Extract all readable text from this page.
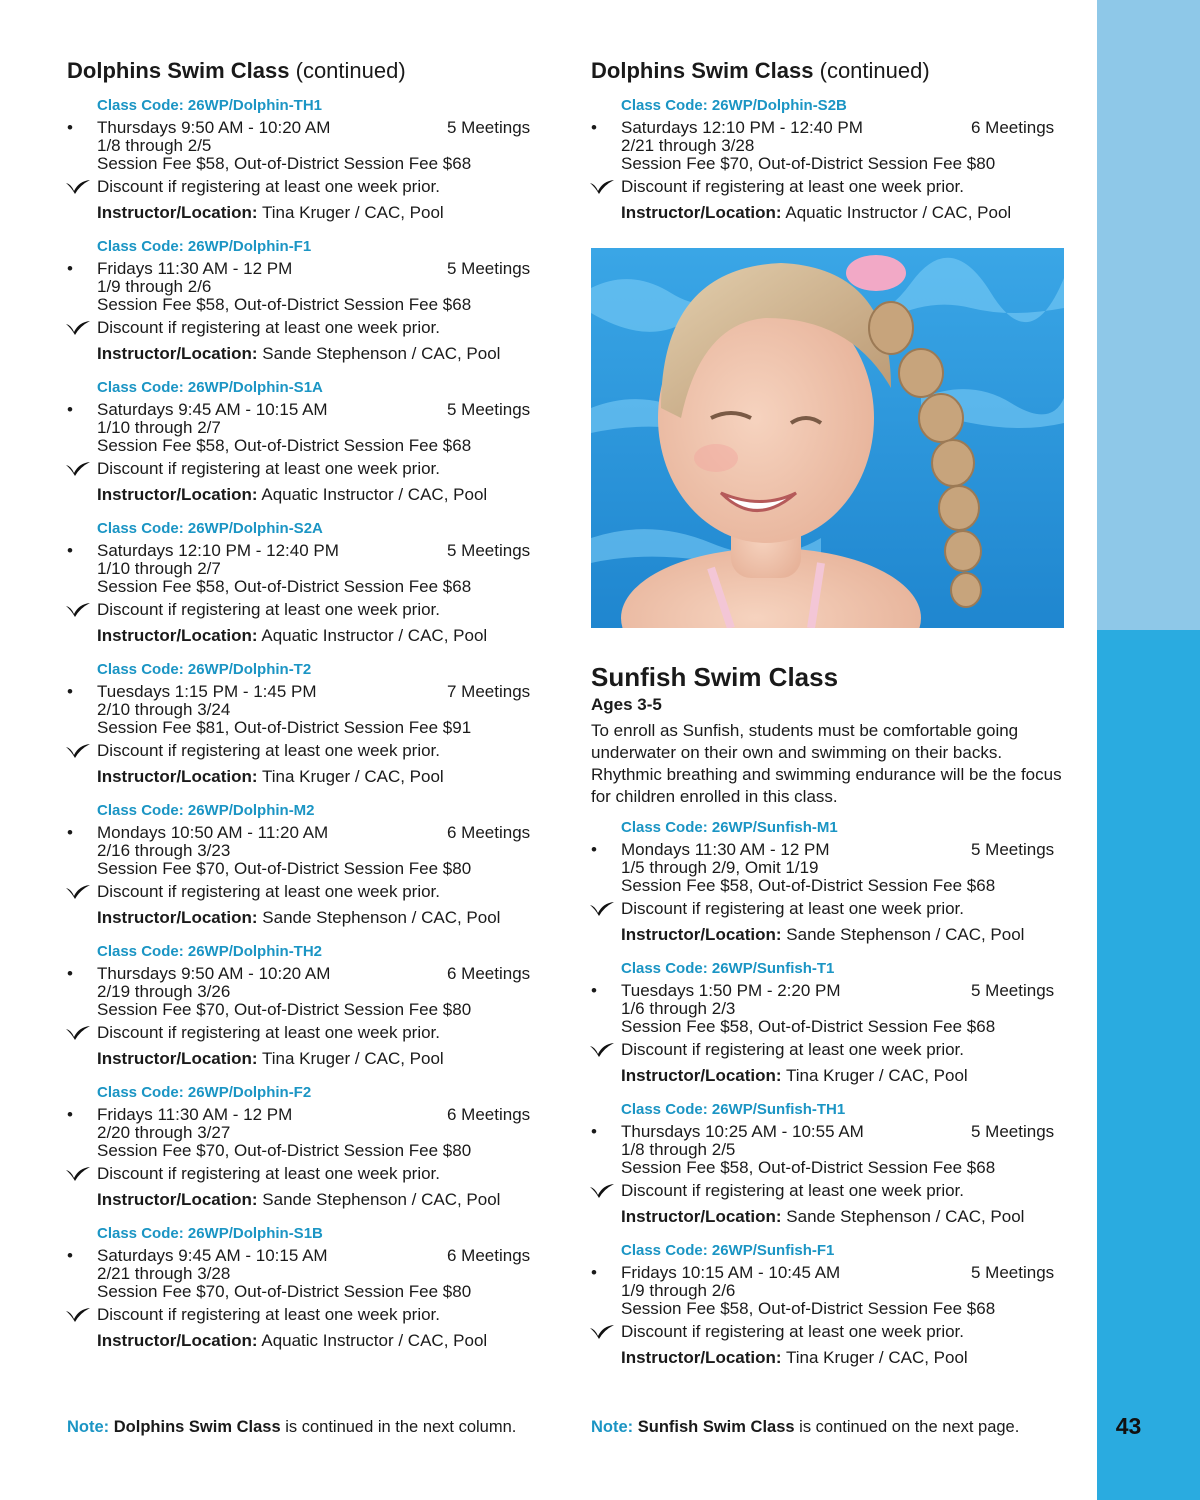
43
Dolphins Swim Class (continued)
Class Code: 26WP/Dolphin-TH1
•	Thursdays 9:50 AM - 10:20 AM	5 Meetings
1/8 through 2/5
Session Fee $58, Out-of-District Session Fee $68
Discount if registering at least one week prior.
Instructor/Location: Tina Kruger / CAC, Pool
Class Code: 26WP/Dolphin-F1
•	Fridays 11:30 AM - 12 PM	5 Meetings
1/9 through 2/6
Session Fee $58, Out-of-District Session Fee $68
Discount if registering at least one week prior.
Instructor/Location: Sande Stephenson / CAC, Pool
Class Code: 26WP/Dolphin-S1A
•	Saturdays 9:45 AM - 10:15 AM	5 Meetings
1/10 through 2/7
Session Fee $58, Out-of-District Session Fee $68
Discount if registering at least one week prior.
Instructor/Location: Aquatic Instructor / CAC, Pool
Class Code: 26WP/Dolphin-S2A
•	Saturdays 12:10 PM - 12:40 PM	5 Meetings
1/10 through 2/7
Session Fee $58, Out-of-District Session Fee $68
Discount if registering at least one week prior.
Instructor/Location: Aquatic Instructor / CAC, Pool
Class Code: 26WP/Dolphin-T2
•	Tuesdays 1:15 PM - 1:45 PM	7 Meetings
2/10 through 3/24
Session Fee $81, Out-of-District Session Fee $91
Discount if registering at least one week prior.
Instructor/Location: Tina Kruger / CAC, Pool
Class Code: 26WP/Dolphin-M2
•	Mondays 10:50 AM - 11:20 AM	6 Meetings
2/16 through 3/23
Session Fee $70, Out-of-District Session Fee $80
Discount if registering at least one week prior.
Instructor/Location: Sande Stephenson / CAC, Pool
Class Code: 26WP/Dolphin-TH2
•	Thursdays 9:50 AM - 10:20 AM	6 Meetings
2/19 through 3/26
Session Fee $70, Out-of-District Session Fee $80
Discount if registering at least one week prior.
Instructor/Location: Tina Kruger / CAC, Pool
Class Code: 26WP/Dolphin-F2
•	Fridays 11:30 AM - 12 PM	6 Meetings
2/20 through 3/27
Session Fee $70, Out-of-District Session Fee $80
Discount if registering at least one week prior.
Instructor/Location: Sande Stephenson / CAC, Pool
Class Code: 26WP/Dolphin-S1B
•	Saturdays 9:45 AM - 10:15 AM	6 Meetings
2/21 through 3/28
Session Fee $70, Out-of-District Session Fee $80
Discount if registering at least one week prior.
Instructor/Location: Aquatic Instructor / CAC, Pool
Note: Dolphins Swim Class is continued in the next column.
Dolphins Swim Class (continued)
Class Code: 26WP/Dolphin-S2B
•	Saturdays 12:10 PM - 12:40 PM	6 Meetings
2/21 through 3/28
Session Fee $70, Out-of-District Session Fee $80
Discount if registering at least one week prior.
Instructor/Location: Aquatic Instructor / CAC, Pool
Sunfish Swim Class
Ages 3-5
To enroll as Sunfish, students must be comfortable going underwater on their own and swimming on their backs. Rhythmic breathing and swimming endurance will be the focus for children enrolled in this class.
Class Code: 26WP/Sunfish-M1
•	Mondays 11:30 AM - 12 PM	5 Meetings
1/5 through 2/9, Omit 1/19
Session Fee $58, Out-of-District Session Fee $68
Discount if registering at least one week prior.
Instructor/Location: Sande Stephenson / CAC, Pool
Class Code: 26WP/Sunfish-T1
•	Tuesdays 1:50 PM - 2:20 PM	5 Meetings
1/6 through 2/3
Session Fee $58, Out-of-District Session Fee $68
Discount if registering at least one week prior.
Instructor/Location: Tina Kruger / CAC, Pool
Class Code: 26WP/Sunfish-TH1
•	Thursdays 10:25 AM - 10:55 AM	5 Meetings
1/8 through 2/5
Session Fee $58, Out-of-District Session Fee $68
Discount if registering at least one week prior.
Instructor/Location: Sande Stephenson / CAC, Pool
Class Code: 26WP/Sunfish-F1
•	Fridays 10:15 AM - 10:45 AM	5 Meetings
1/9 through 2/6
Session Fee $58, Out-of-District Session Fee $68
Discount if registering at least one week prior.
Instructor/Location: Tina Kruger / CAC, Pool
Note: Sunfish Swim Class is continued on the next page.
